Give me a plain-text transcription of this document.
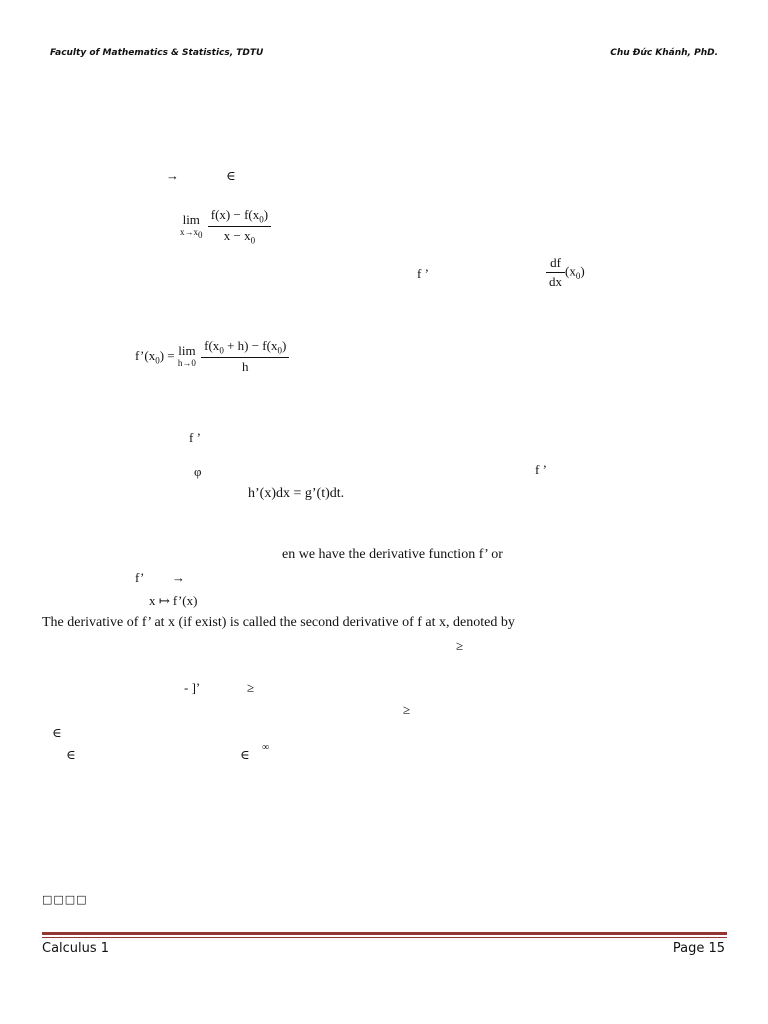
Faculty of Mathematics & Statistics, TDTU	Chu Đức Khánh, PhD.
→	∈
lim
$x\to x_0$
$\frac{f(x) - f(x_0)}{x - x_0}$
f ’	$\frac{df}{dx} (x_0)$
$f’(x_0) = \lim$
h→0
$\frac{f(x_0 + h) - f(x_0)}{h}$
f ’
φ	f ’
h’(x)dx = g’(t)dt.
en we have the derivative function f’ or
f’ →
x ↦ f’(x)
The derivative of f’ at x (if exist) is called the second derivative of f at x, denoted by
≥
- ]’	≥
≥
∈
∈	∈ ∞
□□□□
Calculus 1	Page 15
